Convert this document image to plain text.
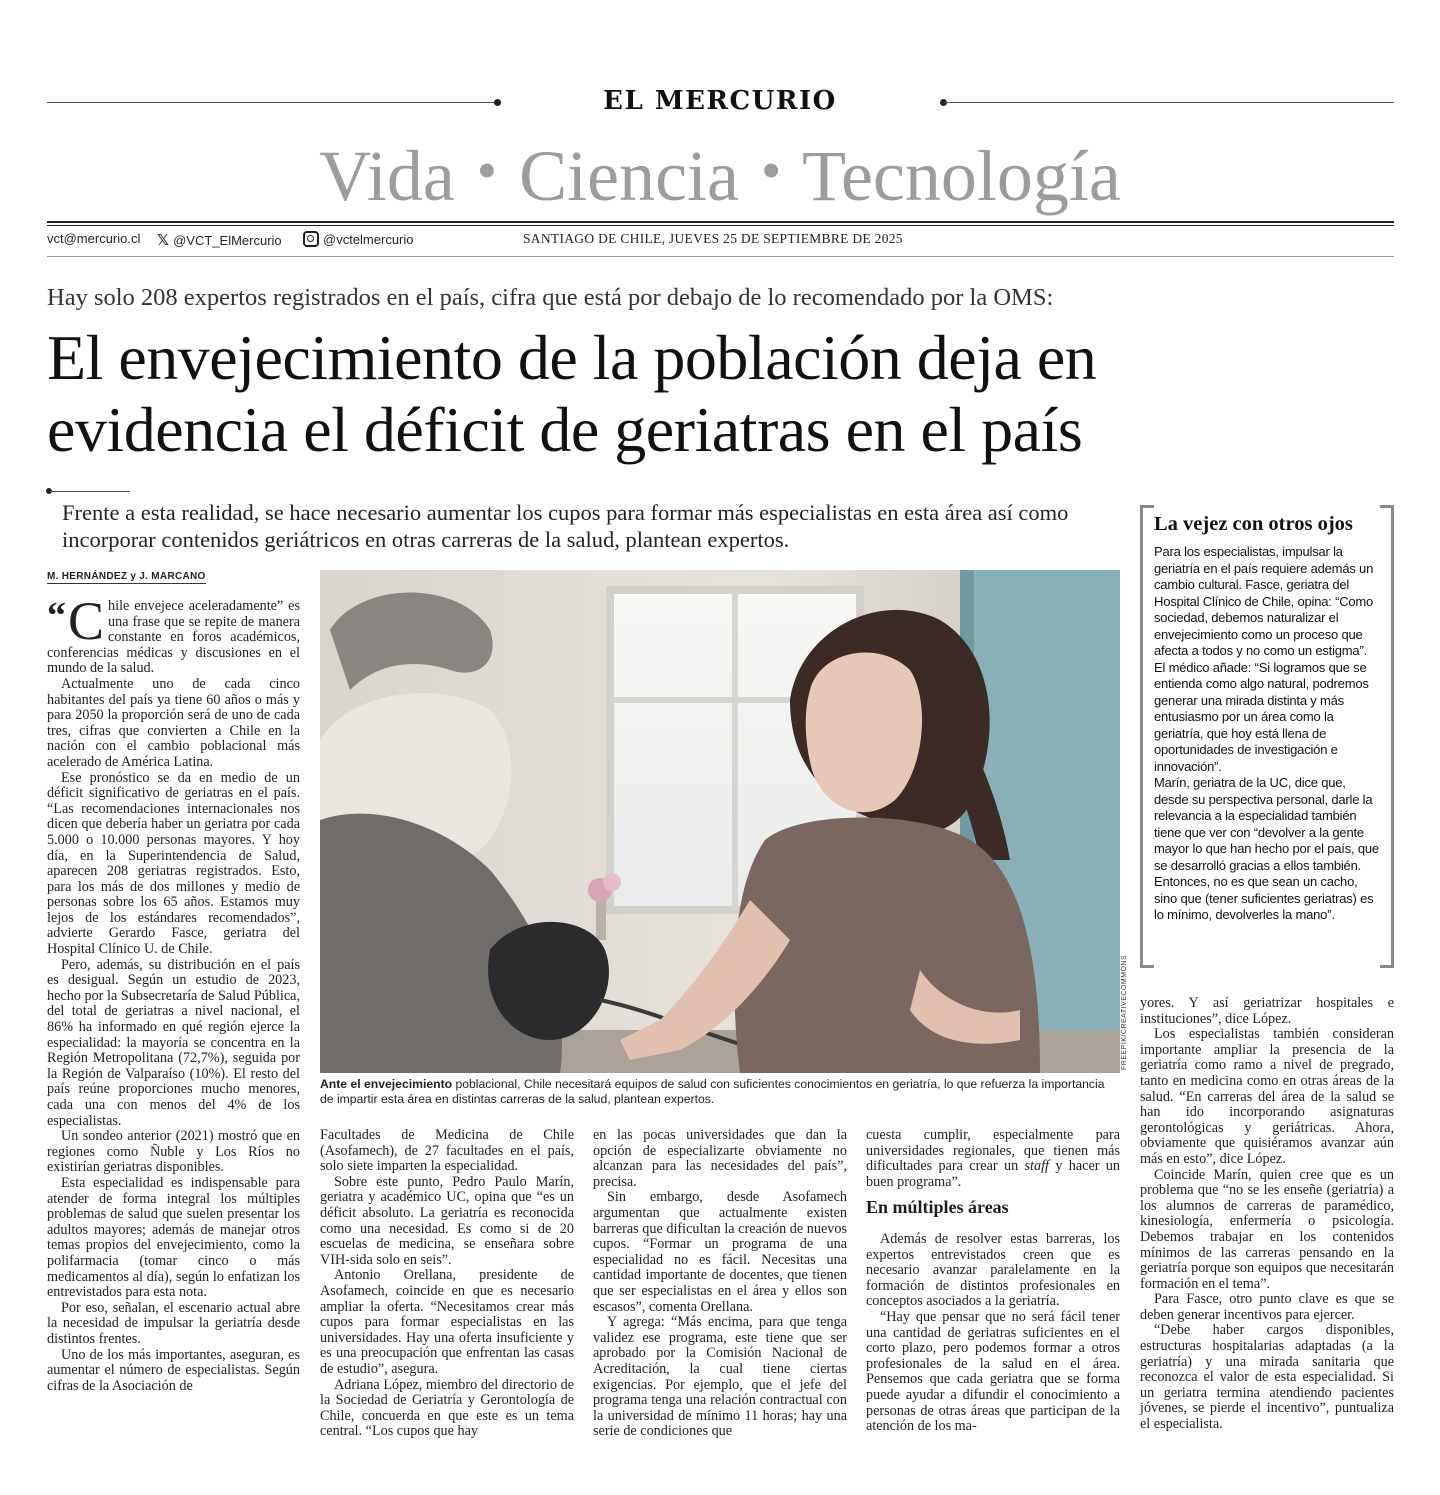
EL MERCURIO
Vida • Ciencia • Tecnología
vct@mercurio.cl 𝕏 @VCT_ElMercurio	@vctelmercurio	SANTIAGO DE CHILE, JUEVES 25 DE SEPTIEMBRE DE 2025
Hay solo 208 expertos registrados en el país, cifra que está por debajo de lo recomendado por la OMS:
El envejecimiento de la población deja en
evidencia el déficit de geriatras en el país
Frente a esta realidad, se hace necesario aumentar los cupos para formar más especialistas en esta área así como incorporar contenidos geriátricos en otras carreras de la salud, plantean expertos.
M. HERNÁNDEZ y J. MARCANO

“ C hile envejece aceleradamente” es una frase que se repite de manera constante en foros académicos, conferencias médicas y discusiones en el mundo de la salud.

Actualmente uno de cada cinco habitantes del país ya tiene 60 años o más y para 2050 la proporción será de uno de cada tres, cifras que convierten a Chile en la nación con el cambio poblacional más acelerado de América Latina.

Ese pronóstico se da en medio de un déficit significativo de geriatras en el país. “Las recomendaciones internacionales nos dicen que debería haber un geriatra por cada 5.000 o 10.000 personas mayores. Y hoy día, en la Superintendencia de Salud, aparecen 208 geriatras registrados. Esto, para los más de dos millones y medio de personas sobre los 65 años. Estamos muy lejos de los estándares recomendados”, advierte Gerardo Fasce, geriatra del Hospital Clínico U. de Chile.

Pero, además, su distribución en el país es desigual. Según un estudio de 2023, hecho por la Subsecretaría de Salud Pública, del total de geriatras a nivel nacional, el 86% ha informado en qué región ejerce la especialidad: la mayoría se concentra en la Región Metropolitana (72,7%), seguida por la Región de Valparaíso (10%). El resto del país reúne proporciones mucho menores, cada una con menos del 4% de los especialistas.

Un sondeo anterior (2021) mostró que en regiones como Ñuble y Los Ríos no existirían geriatras disponibles.

Esta especialidad es indispensable para atender de forma integral los múltiples problemas de salud que suelen presentar los adultos mayores; además de manejar otros temas propios del envejecimiento, como la polifarmacia (tomar cinco o más medicamentos al día), según lo enfatizan los entrevistados para esta nota.

Por eso, señalan, el escenario actual abre la necesidad de impulsar la geriatría desde distintos frentes.

Uno de los más importantes, aseguran, es aumentar el número de especialistas. Según cifras de la Asociación de

FREEPIK/CREATIVECOMMONS
Ante el envejecimiento poblacional, Chile necesitará equipos de salud con suficientes conocimientos en geriatría, lo que refuerza la importancia de impartir esta área en distintas carreras de la salud, plantean expertos.

Facultades de Medicina de Chile (Asofamech), de 27 facultades en el país, solo siete imparten la especialidad.

Sobre este punto, Pedro Paulo Marín, geriatra y académico UC, opina que “es un déficit absoluto. La geriatría es reconocida como una necesidad. Es como si de 20 escuelas de medicina, se enseñara sobre VIH-sida solo en seis”.

Antonio Orellana, presidente de Asofamech, coincide en que es necesario ampliar la oferta. “Necesitamos crear más cupos para formar especialistas en las universidades. Hay una oferta insuficiente y es una preocupación que enfrentan las casas de estudio”, asegura.

Adriana López, miembro del directorio de la Sociedad de Geriatría y Gerontología de Chile, concuerda en que este es un tema central. “Los cupos que hay

en las pocas universidades que dan la opción de especializarte obviamente no alcanzan para las necesidades del país”, precisa.

Sin embargo, desde Asofamech argumentan que actualmente existen barreras que dificultan la creación de nuevos cupos. “Formar un programa de una especialidad no es fácil. Necesitas una cantidad importante de docentes, que tienen que ser especialistas en el área y ellos son escasos”, comenta Orellana.

Y agrega: “Más encima, para que tenga validez ese programa, este tiene que ser aprobado por la Comisión Nacional de Acreditación, la cual tiene ciertas exigencias. Por ejemplo, que el jefe del programa tenga una relación contractual con la universidad de mínimo 11 horas; hay una serie de condiciones que

cuesta cumplir, especialmente para universidades regionales, que tienen más dificultades para crear un staff y hacer un buen programa”.

En múltiples áreas

Además de resolver estas barreras, los expertos entrevistados creen que es necesario avanzar paralelamente en la formación de distintos profesionales en conceptos asociados a la geriatría.

“Hay que pensar que no será fácil tener una cantidad de geriatras suficientes en el corto plazo, pero podemos formar a otros profesionales de la salud en el área. Pensemos que cada geriatra que se forma puede ayudar a difundir el conocimiento a personas de otras áreas que participan de la atención de los ma-

yores. Y así geriatrizar hospitales e instituciones”, dice López.

Los especialistas también consideran importante ampliar la presencia de la geriatría como ramo a nivel de pregrado, tanto en medicina como en otras áreas de la salud. “En carreras del área de la salud se han ido incorporando asignaturas gerontológicas y geriátricas. Ahora, obviamente que quisiéramos avanzar aún más en esto”, dice López.

Coincide Marín, quien cree que es un problema que “no se les enseñe (geriatría) a los alumnos de carreras de paramédico, kinesiología, enfermería o psicología. Debemos trabajar en los contenidos mínimos de las carreras pensando en la geriatría porque son equipos que necesitarán formación en el tema”.

Para Fasce, otro punto clave es que se deben generar incentivos para ejercer.

“Debe haber cargos disponibles, estructuras hospitalarias adaptadas (a la geriatría) y una mirada sanitaria que reconozca el valor de esta especialidad. Si un geriatra termina atendiendo pacientes jóvenes, se pierde el incentivo”, puntualiza el especialista.

La vejez con otros ojos

Para los especialistas, impulsar la geriatría en el país requiere además un cambio cultural. Fasce, geriatra del Hospital Clínico de Chile, opina: “Como sociedad, debemos naturalizar el envejecimiento como un proceso que afecta a todos y no como un estigma”.

El médico añade: “Si logramos que se entienda como algo natural, podremos generar una mirada distinta y más entusiasmo por un área como la geriatría, que hoy está llena de oportunidades de investigación e innovación”.

Marín, geriatra de la UC, dice que, desde su perspectiva personal, darle la relevancia a la especialidad también tiene que ver con “devolver a la gente mayor lo que han hecho por el país, que se desarrolló gracias a ellos también. Entonces, no es que sean un cacho, sino que (tener suficientes geriatras) es lo mínimo, devolverles la mano”.
